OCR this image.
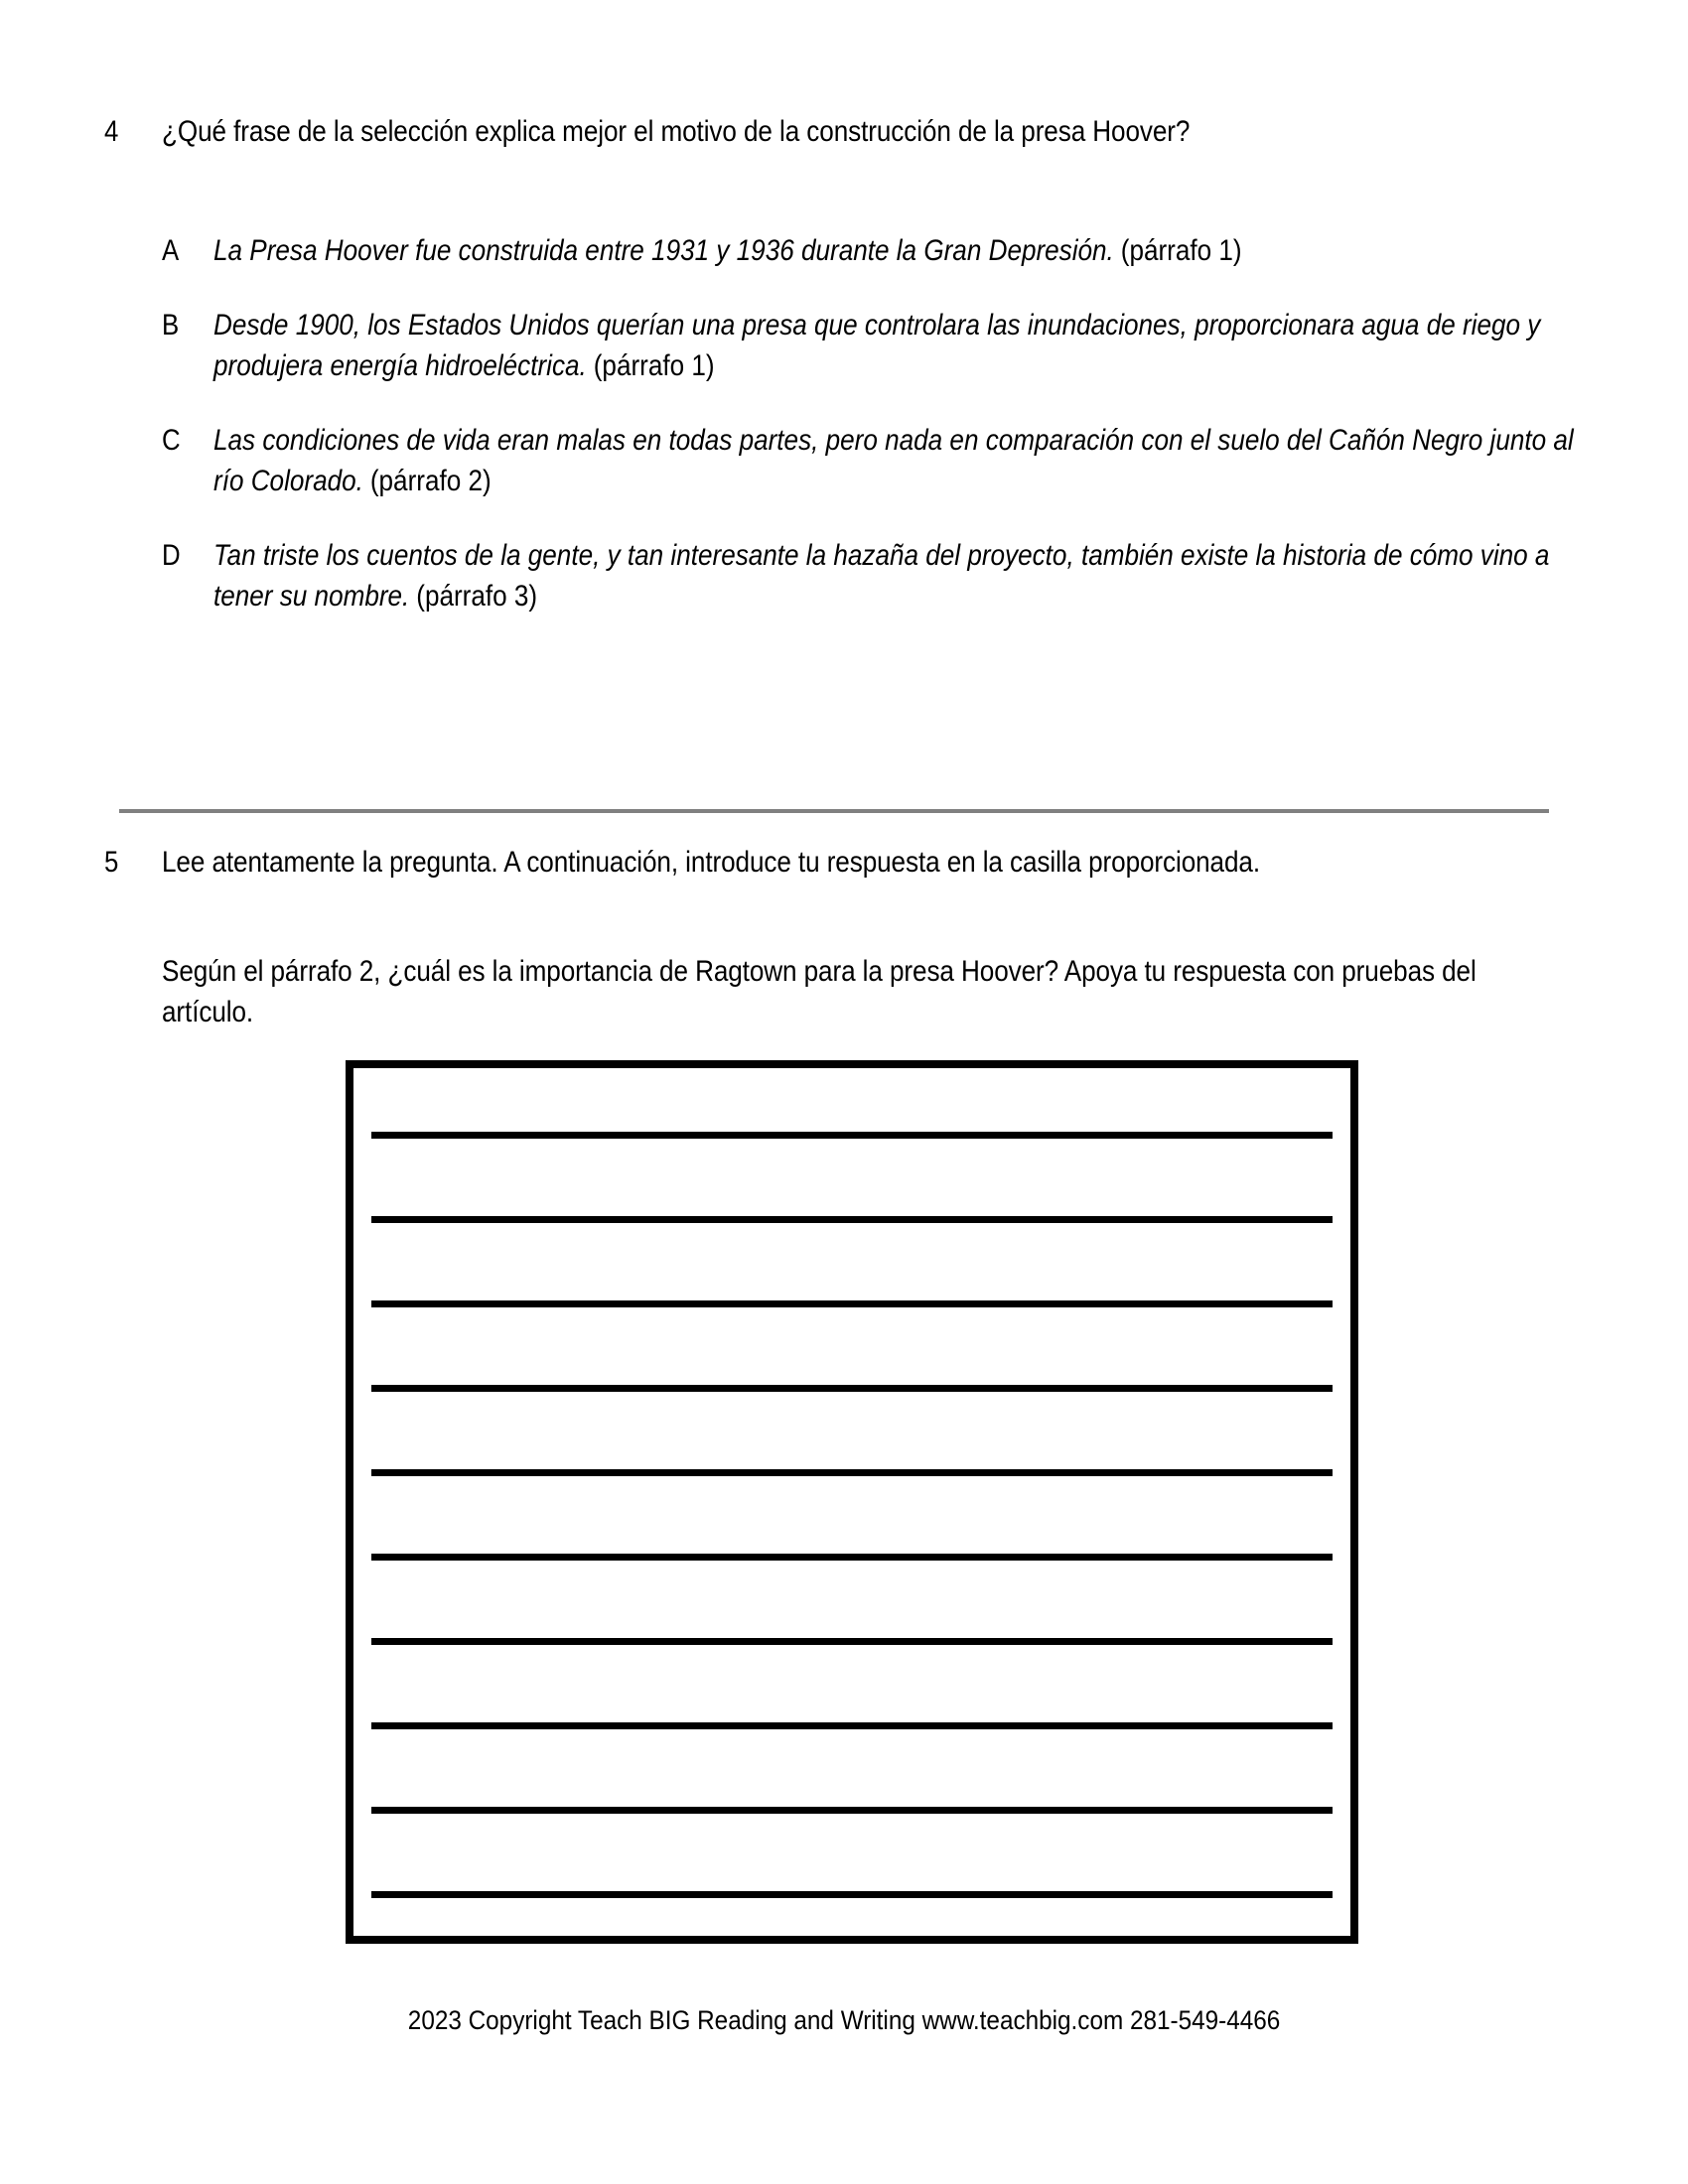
4	¿Qué frase de la selección explica mejor el motivo de la construcción de la presa Hoover?
A	La Presa Hoover fue construida entre 1931 y 1936 durante la Gran Depresión. (párrafo 1)
B	Desde 1900, los Estados Unidos querían una presa que controlara las inundaciones, proporcionara agua de riego y produjera energía hidroeléctrica. (párrafo 1)
C	Las condiciones de vida eran malas en todas partes, pero nada en comparación con el suelo del Cañón Negro junto al río Colorado. (párrafo 2)
D	Tan triste los cuentos de la gente, y tan interesante la hazaña del proyecto, también existe la historia de cómo vino a tener su nombre. (párrafo 3)
5	Lee atentamente la pregunta. A continuación, introduce tu respuesta en la casilla proporcionada.
Según el párrafo 2, ¿cuál es la importancia de Ragtown para la presa Hoover? Apoya tu respuesta con pruebas del artículo.
2023 Copyright Teach BIG Reading and Writing www.teachbig.com 281-549-4466
